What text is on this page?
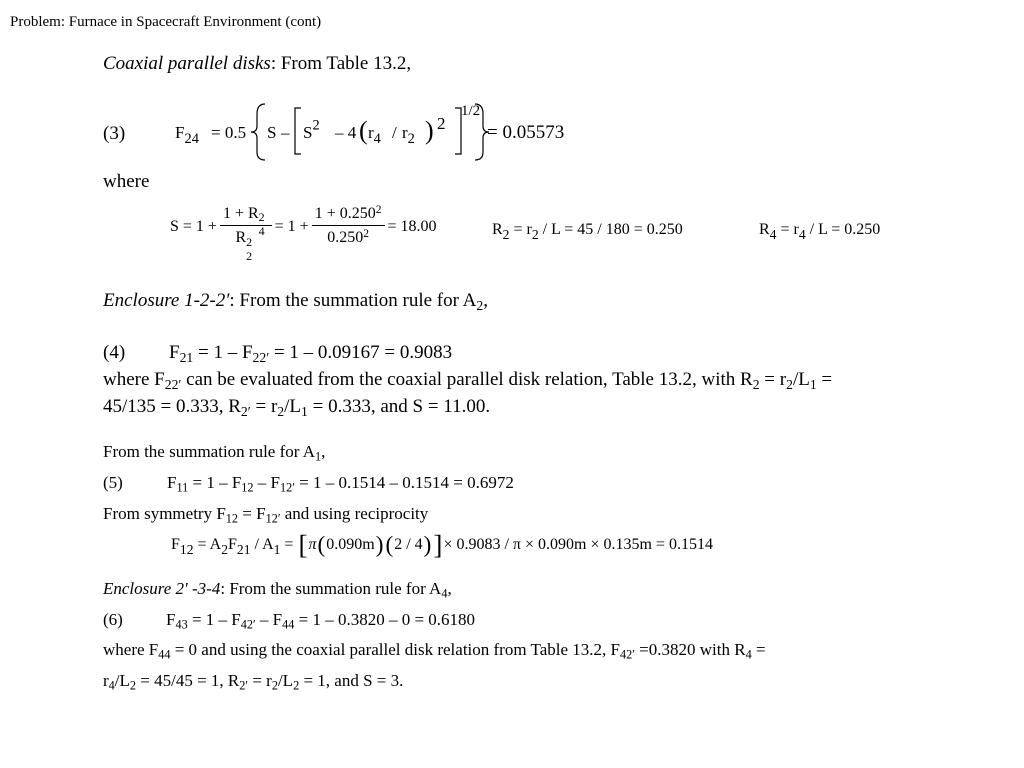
Problem: Furnace in Spacecraft Environment (cont)
Coaxial parallel disks: From Table 13.2,
(3)	$F_{24} = 0.5$ S – $S^2 - 4$ ( $r_4 / r_2$ ) 2
1/2
= 0.05573
where
S = 1 + 1 + R 2
4
R 2
$2 = 1 + \frac{1 + 0.250^2}{0.250^2} = 18.00$	$R_2 = r_2 / L = 45 / 180 = 0.250$	$R_4 = r_4 / L = 0.250$
Enclosure 1-2-2′: From the summation rule for $A_2$,
(4) $F_{21} = 1 - F_{22'} = 1 - 0.09167 = 0.9083$
where $F_{22'}$ can be evaluated from the coaxial parallel disk relation, Table 13.2, with $R_2 = r_2/L_1$ =
45/135 = 0.333, $R_{2'} = r_2/L_1 = 0.333$, and S = 11.00.
From the summation rule for $A_1$,
(5)	$F_{11} = 1 - F_{12} - F_{12'} = 1 - 0.1514 - 0.1514 = 0.6972$
From symmetry $F_{12} = F_{12'}$ and using reciprocity
$F_{12} = A_2F_{21} / A_1 = [\pi(0.090m)(2 / 4)]\times 0.9083 / \pi \times 0.090m \times 0.135m = 0.1514$
Enclosure 2′ -3-4: From the summation rule for $A_4$,
(6)	$F_{43} = 1 - F_{42'} - F_{44} = 1 - 0.3820 - 0 = 0.6180$
where $F_{44} = 0$ and using the coaxial parallel disk relation from Table 13.2, $F_{42'} =0.3820$ with $R_4$ =
$r_4/L_2 = 45/45 = 1$, $R_{2'} = r_2/L_2 = 1$, and S = 3.
